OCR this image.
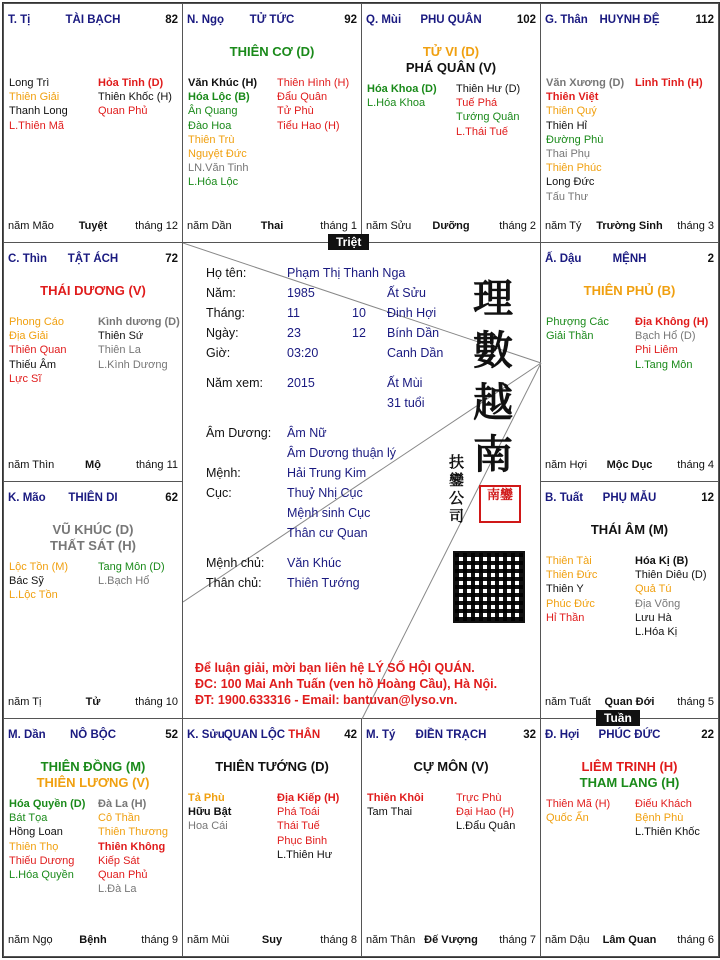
T. Tị	TÀI BẠCH	82
Long Trì
Thiên Giải
Thanh Long
L.Thiên Mã
Hỏa Tinh (D)
Thiên Khốc (H)
Quan Phủ
năm Mão	Tuyệt	tháng 12
N. Ngọ	TỬ TỨC	92
THIÊN CƠ (D)
Văn Khúc (H)
Hóa Lộc (B)
Ân Quang
Đào Hoa
Thiên Trù
Nguyệt Đức
LN.Văn Tinh
L.Hóa Lộc
Thiên Hình (H)
Đẩu Quân
Tử Phù
Tiểu Hao (H)
năm Dần	Thai	tháng 1
Q. Mùi	PHU QUÂN	102
TỬ VI (D)
PHÁ QUÂN (V)
Hóa Khoa (D)
L.Hóa Khoa
Thiên Hư (D)
Tuế Phá
Tướng Quân
L.Thái Tuế
năm Sửu	Dưỡng	tháng 2
G. Thân	HUYNH ĐỆ	112
Văn Xương (D)
Thiên Việt
Thiên Quý
Thiên Hỉ
Đường Phù
Thai Phụ
Thiên Phúc
Long Đức
Tấu Thư
Linh Tinh (H)
năm Tý	Trường Sinh	tháng 3
C. Thìn	TẬT ÁCH	72
THÁI DƯƠNG (V)
Phong Cáo
Địa Giải
Thiên Quan
Thiếu Âm
Lực Sĩ
Kình dương (D)
Thiên Sứ
Thiên La
L.Kình Dương
năm Thìn	Mộ	tháng 11
Ấ. Dậu	MỆNH	2
THIÊN PHỦ (B)
Phượng Các
Giải Thần
Địa Không (H)
Bạch Hổ (D)
Phi Liêm
L.Tang Môn
năm Hợi	Mộc Dục	tháng 4
K. Mão	THIÊN DI	62
VŨ KHÚC (D)
THẤT SÁT (H)
Lộc Tồn (M)
Bác Sỹ
L.Lộc Tồn
Tang Môn (D)
L.Bạch Hổ
năm Tị	Tử	tháng 10
B. Tuất	PHỤ MẪU	12
THÁI ÂM (M)
Thiên Tài
Thiên Đức
Thiên Y
Phúc Đức
Hỉ Thần
Hóa Kị (B)
Thiên Diêu (D)
Quả Tú
Địa Võng
Lưu Hà
L.Hóa Kị
năm Tuất	Quan Đới	tháng 5
M. Dần	NÔ BỘC	52
THIÊN ĐỒNG (M)
THIÊN LƯƠNG (V)
Hóa Quyền (D)
Bát Tọa
Hồng Loan
Thiên Thọ
Thiếu Dương
L.Hóa Quyền
Đà La (H)
Cô Thần
Thiên Thương
Thiên Không
Kiếp Sát
Quan Phủ
L.Đà La
năm Ngọ	Bệnh	tháng 9
K. Sửu QUAN LỘC THÂN	42
THIÊN TƯỚNG (D)
Tả Phù
Hữu Bật
Hoa Cái
Địa Kiếp (H)
Phá Toái
Thái Tuế
Phục Binh
L.Thiên Hư
năm Mùi	Suy	tháng 8
M. Tý	ĐIỀN TRẠCH	32
CỰ MÔN (V)
Thiên Khôi
Tam Thai
Trực Phù
Đại Hao (H)
L.Đẩu Quân
năm Thân Đế Vượng	tháng 7
Đ. Hợi	PHÚC ĐỨC	22
LIÊM TRINH (H)
THAM LANG (H)
Thiên Mã (H)
Quốc Ấn
Điếu Khách
Bệnh Phù
L.Thiên Khốc
năm Dậu	Lâm Quan	tháng 6
Họ tên:	Phạm Thị Thanh Nga
Năm:	1985	Ất Sửu
Tháng:	11	10 Đinh Hợi
Ngày:	23	12 Bính Dần
Giờ:	03:20	Canh Dần
Năm xem: 2015	Ất Mùi
31 tuổi
Âm Dương: Âm Nữ
Âm Dương thuận lý
Mệnh:	Hải Trung Kim
Cục:	Thuỷ Nhị Cục
Mệnh sinh Cục
Thân cư Quan
Mệnh chủ: Văn Khúc
Thân chủ: Thiên Tướng
理
數
越
南
扶
鑾
公
司
南鑾
Để luận giải, mời bạn liên hệ LÝ SỐ HỘI QUÁN.
ĐC: 100 Mai Anh Tuấn (ven hồ Hoàng Cầu), Hà Nội.
ĐT: 1900.633316 - Email: bantuvan@lyso.vn.
Triệt
Tuần
